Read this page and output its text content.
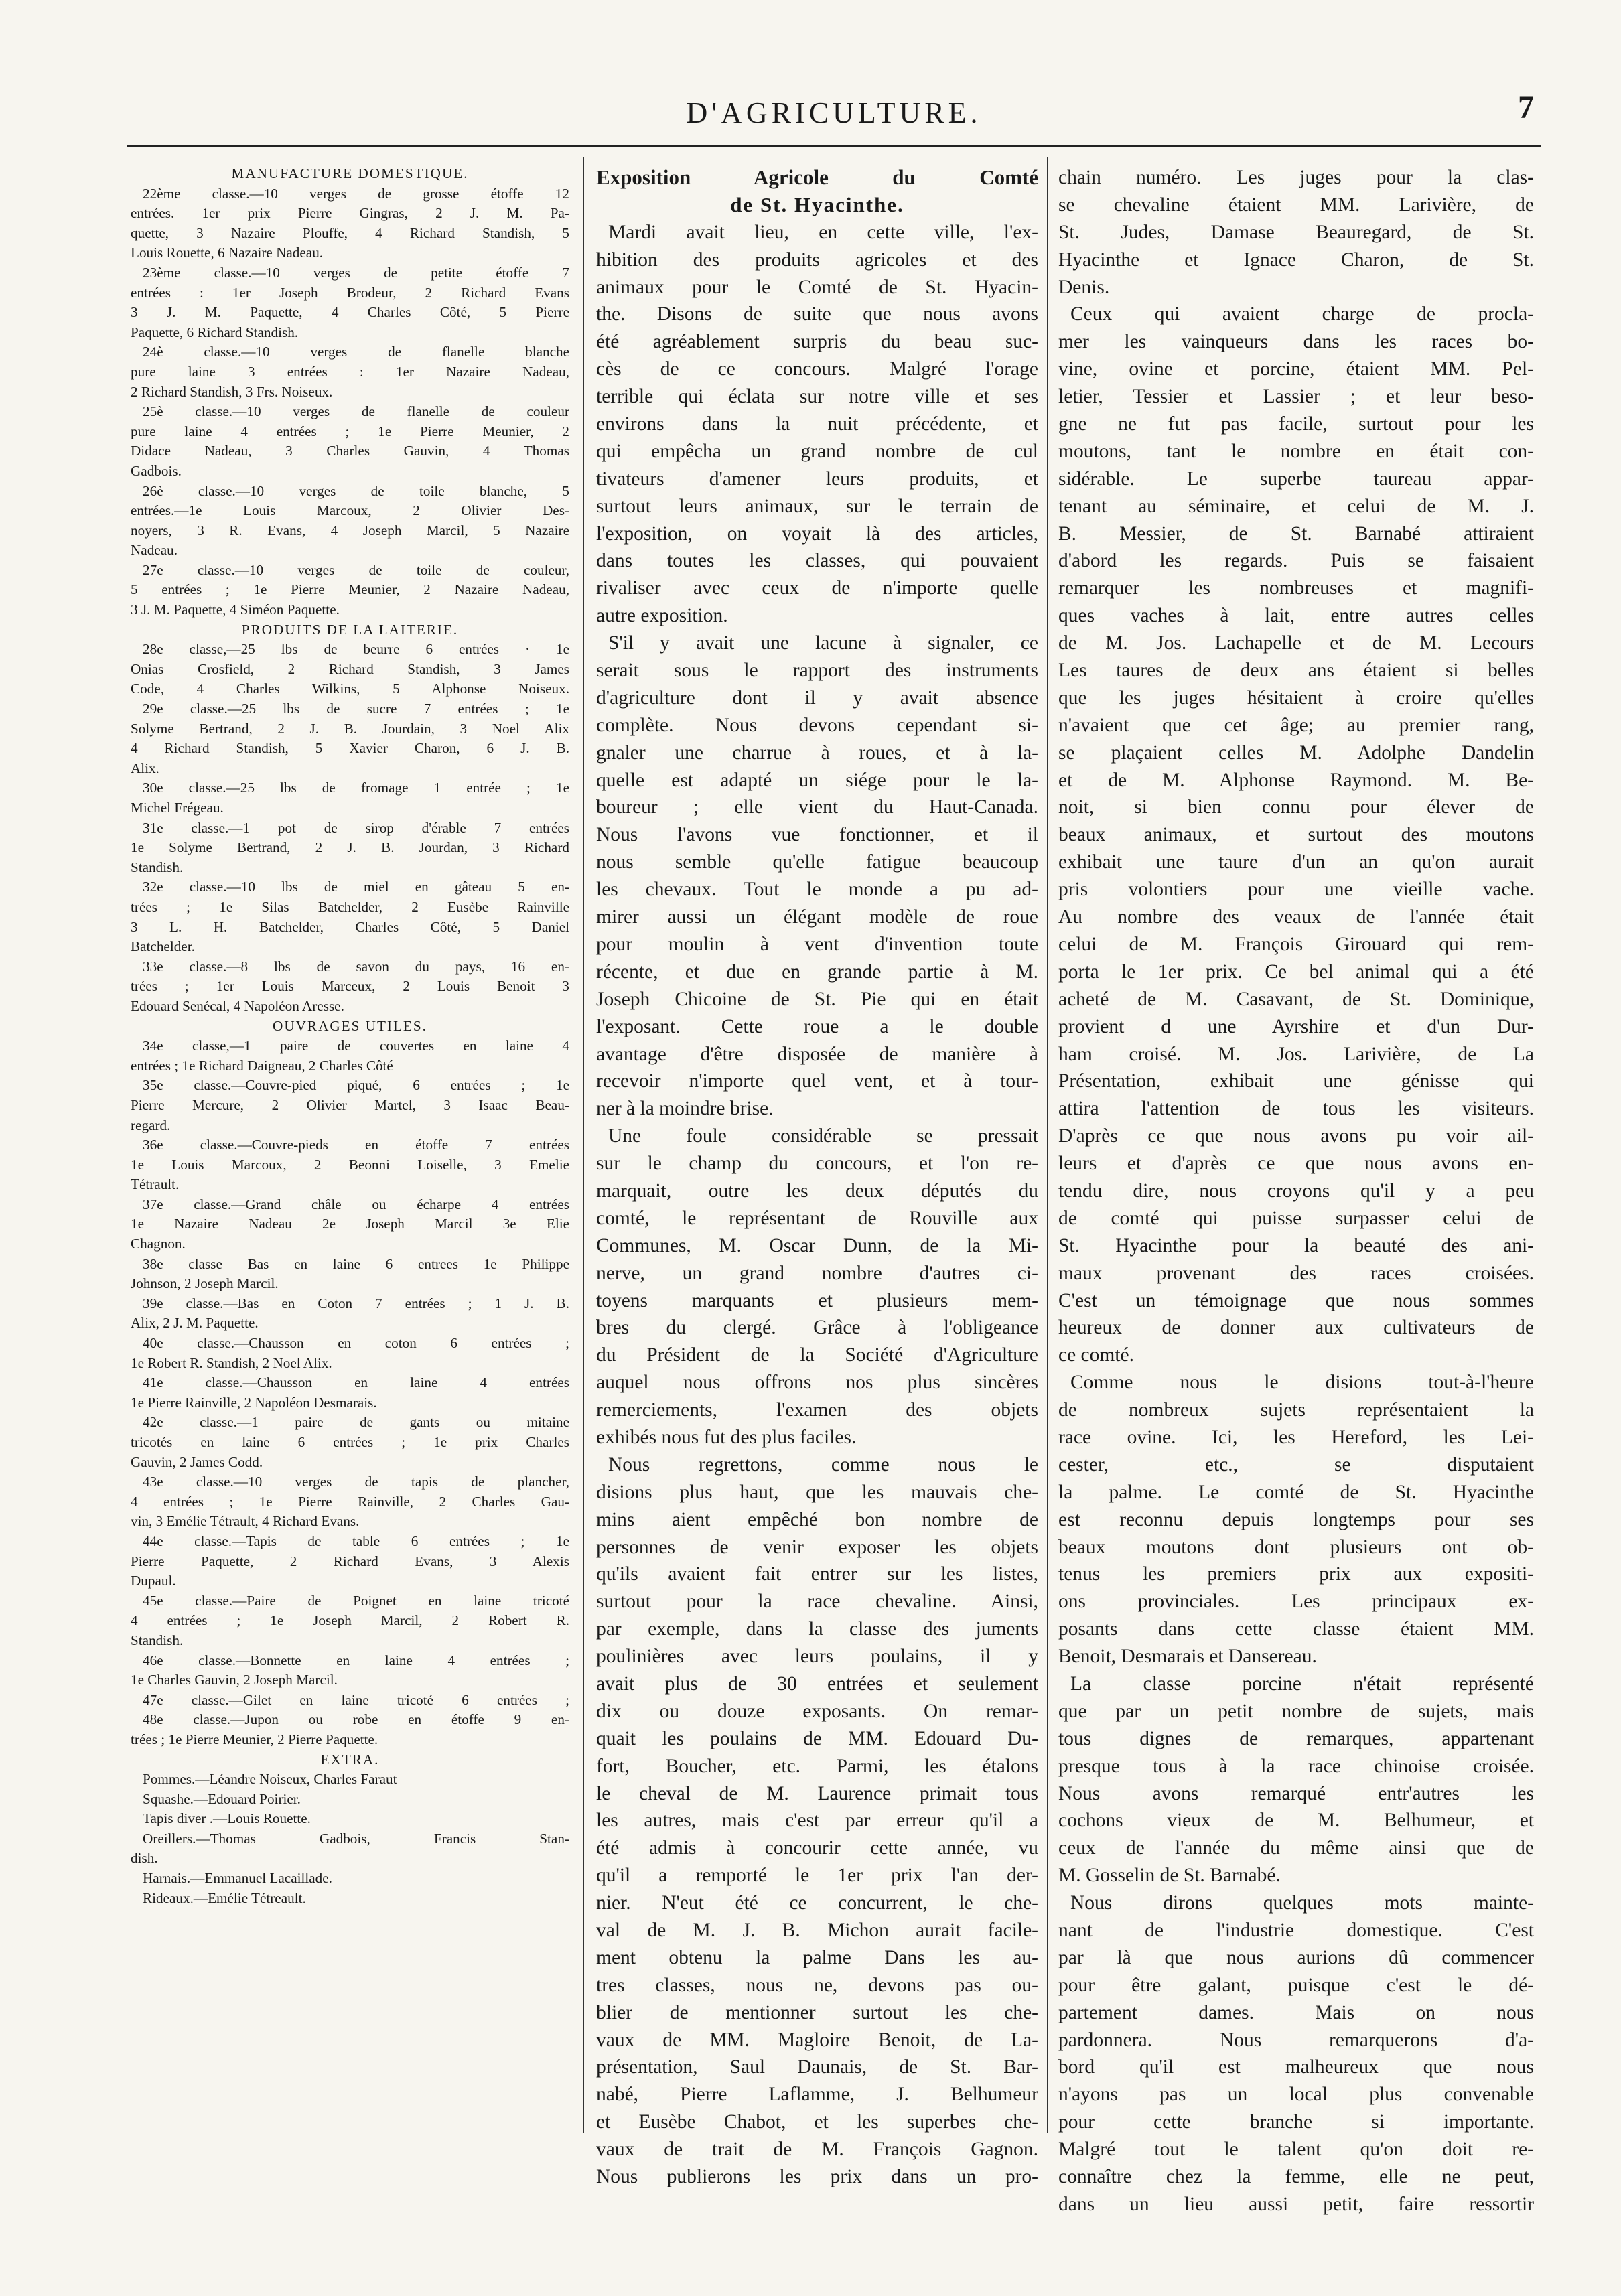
D'AGRICULTURE.	7
MANUFACTURE DOMESTIQUE.
22ème classe.—10 verges de grosse étoffe 12
entrées. 1er prix Pierre Gingras, 2 J. M. Pa-
quette, 3 Nazaire Plouffe, 4 Richard Standish, 5
Louis Rouette, 6 Nazaire Nadeau.
23ème classe.—10 verges de petite étoffe 7
entrées : 1er Joseph Brodeur, 2 Richard Evans
3 J. M. Paquette, 4 Charles Côté, 5 Pierre
Paquette, 6 Richard Standish.
24è classe.—10 verges de flanelle blanche
pure laine 3 entrées : 1er Nazaire Nadeau,
2 Richard Standish, 3 Frs. Noiseux.
25è classe.—10 verges de flanelle de couleur
pure laine 4 entrées ; 1e Pierre Meunier, 2
Didace Nadeau, 3 Charles Gauvin, 4 Thomas
Gadbois.
26è classe.—10 verges de toile blanche, 5
entrées.—1e Louis Marcoux, 2 Olivier Des-
noyers, 3 R. Evans, 4 Joseph Marcil, 5 Nazaire
Nadeau.
27e classe.—10 verges de toile de couleur,
5 entrées ; 1e Pierre Meunier, 2 Nazaire Nadeau,
3 J. M. Paquette, 4 Siméon Paquette.
PRODUITS DE LA LAITERIE.
28e classe,—25 lbs de beurre 6 entrées · 1e
Onias Crosfield, 2 Richard Standish, 3 James
Code, 4 Charles Wilkins, 5 Alphonse Noiseux.
29e classe.—25 lbs de sucre 7 entrées ; 1e
Solyme Bertrand, 2 J. B. Jourdain, 3 Noel Alix
4 Richard Standish, 5 Xavier Charon, 6 J. B.
Alix.
30e classe.—25 lbs de fromage 1 entrée ; 1e
Michel Frégeau.
31e classe.—1 pot de sirop d'érable 7 entrées
1e Solyme Bertrand, 2 J. B. Jourdan, 3 Richard
Standish.
32e classe.—10 lbs de miel en gâteau 5 en-
trées ; 1e Silas Batchelder, 2 Eusèbe Rainville
3 L. H. Batchelder, Charles Côté, 5 Daniel
Batchelder.
33e classe.—8 lbs de savon du pays, 16 en-
trées ; 1er Louis Marceux, 2 Louis Benoit 3
Edouard Senécal, 4 Napoléon Aresse.
OUVRAGES UTILES.
34e classe,—1 paire de couvertes en laine 4
entrées ; 1e Richard Daigneau, 2 Charles Côté
35e classe.—Couvre-pied piqué, 6 entrées ; 1e
Pierre Mercure, 2 Olivier Martel, 3 Isaac Beau-
regard.
36e classe.—Couvre-pieds en étoffe 7 entrées
1e Louis Marcoux, 2 Beonni Loiselle, 3 Emelie
Tétrault.
37e classe.—Grand châle ou écharpe 4 entrées
1e Nazaire Nadeau 2e Joseph Marcil 3e Elie
Chagnon.
38e classe Bas en laine 6 entrees 1e Philippe
Johnson, 2 Joseph Marcil.
39e classe.—Bas en Coton 7 entrées ; 1 J. B.
Alix, 2 J. M. Paquette.
40e classe.—Chausson en coton 6 entrées ;
1e Robert R. Standish, 2 Noel Alix.
41e classe.—Chausson en laine 4 entrées
1e Pierre Rainville, 2 Napoléon Desmarais.
42e classe.—1 paire de gants ou mitaine
tricotés en laine 6 entrées ; 1e prix Charles
Gauvin, 2 James Codd.
43e classe.—10 verges de tapis de plancher,
4 entrées ; 1e Pierre Rainville, 2 Charles Gau-
vin, 3 Emélie Tétrault, 4 Richard Evans.
44e classe.—Tapis de table 6 entrées ; 1e
Pierre Paquette, 2 Richard Evans, 3 Alexis
Dupaul.
45e classe.—Paire de Poignet en laine tricoté
4 entrées ; 1e Joseph Marcil, 2 Robert R.
Standish.
46e classe.—Bonnette en laine 4 entrées ;
1e Charles Gauvin, 2 Joseph Marcil.
47e classe.—Gilet en laine tricoté 6 entrées ;
48e classe.—Jupon ou robe en étoffe 9 en-
trées ; 1e Pierre Meunier, 2 Pierre Paquette.
EXTRA.
Pommes.—Léandre Noiseux, Charles Faraut
Squashe.—Edouard Poirier.
Tapis diver .—Louis Rouette.
Oreillers.—Thomas Gadbois, Francis Stan-
dish.
Harnais.—Emmanuel Lacaillade.
Rideaux.—Emélie Tétreault.
Exposition Agricole du Comté
de St. Hyacinthe.
Mardi avait lieu, en cette ville, l'ex-
hibition des produits agricoles et des
animaux pour le Comté de St. Hyacin-
the. Disons de suite que nous avons
été agréablement surpris du beau suc-
cès de ce concours. Malgré l'orage
terrible qui éclata sur notre ville et ses
environs dans la nuit précédente, et
qui empêcha un grand nombre de cul
tivateurs d'amener leurs produits, et
surtout leurs animaux, sur le terrain de
l'exposition, on voyait là des articles,
dans toutes les classes, qui pouvaient
rivaliser avec ceux de n'importe quelle
autre exposition.
S'il y avait une lacune à signaler, ce
serait sous le rapport des instruments
d'agriculture dont il y avait absence
complète. Nous devons cependant si-
gnaler une charrue à roues, et à la-
quelle est adapté un siége pour le la-
boureur ; elle vient du Haut-Canada.
Nous l'avons vue fonctionner, et il
nous semble qu'elle fatigue beaucoup
les chevaux. Tout le monde a pu ad-
mirer aussi un élégant modèle de roue
pour moulin à vent d'invention toute
récente, et due en grande partie à M.
Joseph Chicoine de St. Pie qui en était
l'exposant. Cette roue a le double
avantage d'être disposée de manière à
recevoir n'importe quel vent, et à tour-
ner à la moindre brise.
Une foule considérable se pressait
sur le champ du concours, et l'on re-
marquait, outre les deux députés du
comté, le représentant de Rouville aux
Communes, M. Oscar Dunn, de la Mi-
nerve, un grand nombre d'autres ci-
toyens marquants et plusieurs mem-
bres du clergé. Grâce à l'obligeance
du Président de la Société d'Agriculture
auquel nous offrons nos plus sincères
remerciements, l'examen des objets
exhibés nous fut des plus faciles.
Nous regrettons, comme nous le
disions plus haut, que les mauvais che-
mins aient empêché bon nombre de
personnes de venir exposer les objets
qu'ils avaient fait entrer sur les listes,
surtout pour la race chevaline. Ainsi,
par exemple, dans la classe des juments
poulinières avec leurs poulains, il y
avait plus de 30 entrées et seulement
dix ou douze exposants. On remar-
quait les poulains de MM. Edouard Du-
fort, Boucher, etc. Parmi, les étalons
le cheval de M. Laurence primait tous
les autres, mais c'est par erreur qu'il a
été admis à concourir cette année, vu
qu'il a remporté le 1er prix l'an der-
nier. N'eut été ce concurrent, le che-
val de M. J. B. Michon aurait facile-
ment obtenu la palme Dans les au-
tres classes, nous ne, devons pas ou-
blier de mentionner surtout les che-
vaux de MM. Magloire Benoit, de La-
présentation, Saul Daunais, de St. Bar-
nabé, Pierre Laflamme, J. Belhumeur
et Eusèbe Chabot, et les superbes che-
vaux de trait de M. François Gagnon.
Nous publierons les prix dans un pro-
chain numéro. Les juges pour la clas-
se chevaline étaient MM. Larivière, de
St. Judes, Damase Beauregard, de St.
Hyacinthe et Ignace Charon, de St.
Denis.
Ceux qui avaient charge de procla-
mer les vainqueurs dans les races bo-
vine, ovine et porcine, étaient MM. Pel-
letier, Tessier et Lassier ; et leur beso-
gne ne fut pas facile, surtout pour les
moutons, tant le nombre en était con-
sidérable. Le superbe taureau appar-
tenant au séminaire, et celui de M. J.
B. Messier, de St. Barnabé attiraient
d'abord les regards. Puis se faisaient
remarquer les nombreuses et magnifi-
ques vaches à lait, entre autres celles
de M. Jos. Lachapelle et de M. Lecours
Les taures de deux ans étaient si belles
que les juges hésitaient à croire qu'elles
n'avaient que cet âge; au premier rang,
se plaçaient celles M. Adolphe Dandelin
et de M. Alphonse Raymond. M. Be-
noit, si bien connu pour élever de
beaux animaux, et surtout des moutons
exhibait une taure d'un an qu'on aurait
pris volontiers pour une vieille vache.
Au nombre des veaux de l'année était
celui de M. François Girouard qui rem-
porta le 1er prix. Ce bel animal qui a été
acheté de M. Casavant, de St. Dominique,
provient d une Ayrshire et d'un Dur-
ham croisé. M. Jos. Larivière, de La
Présentation, exhibait une génisse qui
attira l'attention de tous les visiteurs.
D'après ce que nous avons pu voir ail-
leurs et d'après ce que nous avons en-
tendu dire, nous croyons qu'il y a peu
de comté qui puisse surpasser celui de
St. Hyacinthe pour la beauté des ani-
maux provenant des races croisées.
C'est un témoignage que nous sommes
heureux de donner aux cultivateurs de
ce comté.
Comme nous le disions tout-à-l'heure
de nombreux sujets représentaient la
race ovine. Ici, les Hereford, les Lei-
cester, etc., se disputaient
la palme. Le comté de St. Hyacinthe
est reconnu depuis longtemps pour ses
beaux moutons dont plusieurs ont ob-
tenus les premiers prix aux expositi-
ons provinciales. Les principaux ex-
posants dans cette classe étaient MM.
Benoit, Desmarais et Dansereau.
La classe porcine n'était représenté
que par un petit nombre de sujets, mais
tous dignes de remarques, appartenant
presque tous à la race chinoise croisée.
Nous avons remarqué entr'autres les
cochons vieux de M. Belhumeur, et
ceux de l'année du même ainsi que de
M. Gosselin de St. Barnabé.
Nous dirons quelques mots mainte-
nant de l'industrie domestique. C'est
par là que nous aurions dû commencer
pour être galant, puisque c'est le dé-
partement dames. Mais on nous
pardonnera. Nous remarquerons d'a-
bord qu'il est malheureux que nous
n'ayons pas un local plus convenable
pour cette branche si importante.
Malgré tout le talent qu'on doit re-
connaître chez la femme, elle ne peut,
dans un lieu aussi petit, faire ressortir
